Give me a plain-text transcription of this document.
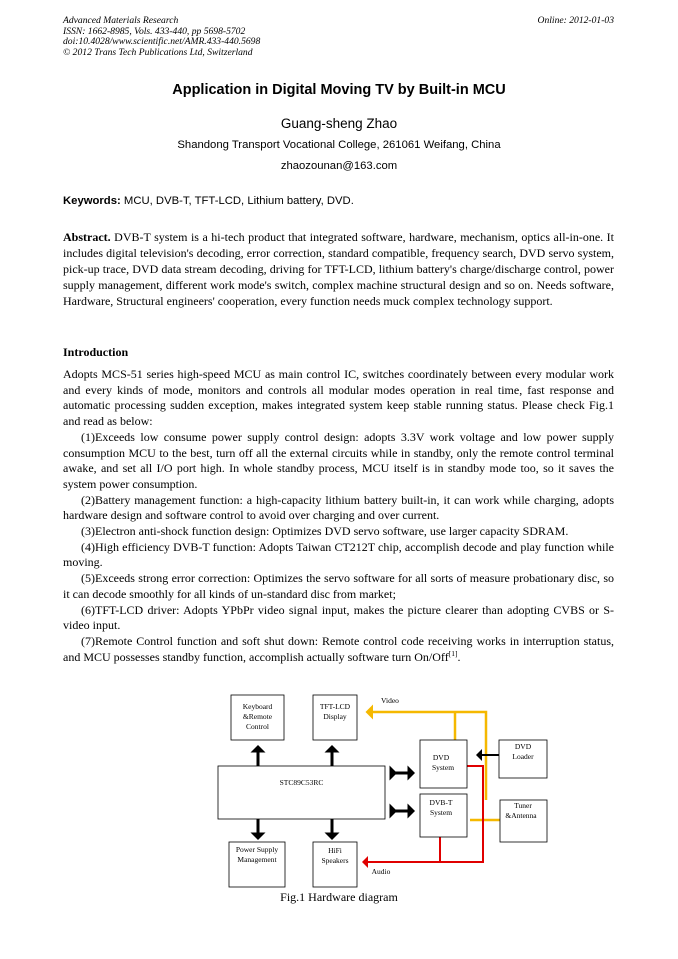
Advanced Materials Research
ISSN: 1662-8985, Vols. 433-440, pp 5698-5702
doi:10.4028/www.scientific.net/AMR.433-440.5698
© 2012 Trans Tech Publications Ltd, Switzerland
Online: 2012-01-03
Application in Digital Moving TV by Built-in MCU
Guang-sheng Zhao
Shandong Transport Vocational College, 261061 Weifang, China
zhaozounan@163.com
Keywords: MCU, DVB-T, TFT-LCD, Lithium battery, DVD.
Abstract. DVB-T system is a hi-tech product that integrated software, hardware, mechanism, optics all-in-one. It includes digital television's decoding, error correction, standard compatible, frequency search, DVD servo system, pick-up trace, DVD data stream decoding, driving for TFT-LCD, lithium battery's charge/discharge control, power supply management, different work mode's switch, complex machine structural design and so on. Needs software, Hardware, Structural engineers' cooperation, every function needs muck complex technology support.
Introduction

Adopts MCS-51 series high-speed MCU as main control IC, switches coordinately between every modular work and every kinds of mode, monitors and controls all modular modes operation in real time, fast response and automatic processing sudden exception, makes integrated system keep stable running status. Please check Fig.1 and read as below:

(1)Exceeds low consume power supply control design: adopts 3.3V work voltage and low power supply consumption MCU to the best, turn off all the external circuits while in standby, only the remote control terminal awake, and set all I/O port high. In whole standby process, MCU itself is in standby mode too, so it saves the system power consumption.

(2)Battery management function: a high-capacity lithium battery built-in, it can work while charging, adopts hardware design and software control to avoid over charging and over current.

(3)Electron anti-shock function design: Optimizes DVD servo software, use larger capacity SDRAM.

(4)High efficiency DVB-T function: Adopts Taiwan CT212T chip, accomplish decode and play function while moving.

(5)Exceeds strong error correction: Optimizes the servo software for all sorts of measure probationary disc, so it can decode smoothly for all kinds of un-standard disc from market;

(6)TFT-LCD driver: Adopts YPbPr video signal input, makes the picture clearer than adopting CVBS or S-video input.

(7)Remote Control function and soft shut down: Remote control code receiving works in interruption status, and MCU possesses standby function, accomplish actually software turn On/Off[1].

Video
Audio
Keyboard
&Remote
Control
TFT-LCD
Display
STC89C53RC
DVD
System
DVD
Loader
DVB-T
System
Tuner
&Antenna
Power Supply
Management
HiFi
Speakers
Fig.1 Hardware diagram
